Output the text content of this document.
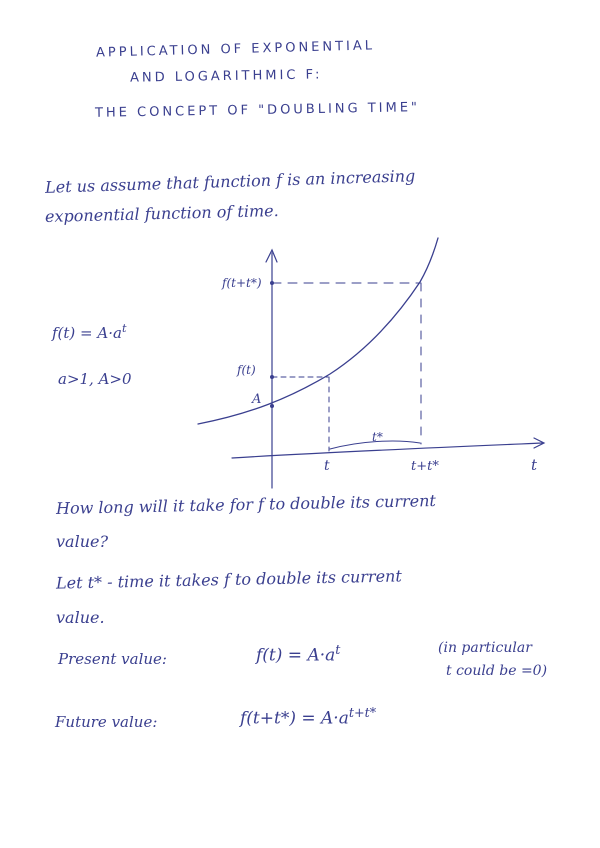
APPLICATION OF EXPONENTIAL
AND LOGARITHMIC F:
THE CONCEPT OF "DOUBLING TIME"
Let us assume that function f is an increasing
exponential function of time.
$f(t) = A\cdot a^t$
a>1, A>0
f(t+t*)
f(t)
A
t*
t	t+t*	t
How long will it take for f to double its current
value?
Let t* - time it takes f to double its current
value.
Present value:	$f(t) = A\cdot a^t$	(in particular
t could be =0)
Future value:	$f(t+t*) = A\cdot a^{t+t*}$
